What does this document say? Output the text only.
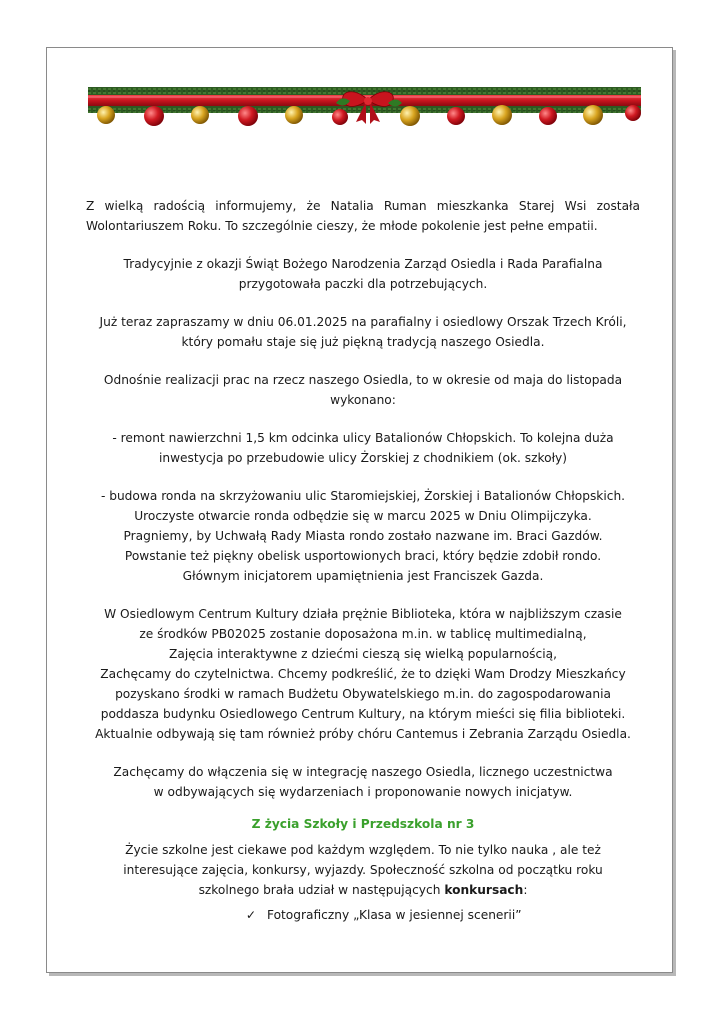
Z wielką radością informujemy, że Natalia Ruman mieszkanka Starej Wsi została
Wolontariuszem Roku. To szczególnie cieszy, że młode pokolenie jest pełne empatii.
Tradycyjnie z okazji Świąt Bożego Narodzenia Zarząd Osiedla i Rada Parafialna
przygotowała paczki dla potrzebujących.
Już teraz zapraszamy w dniu 06.01.2025 na parafialny i osiedlowy Orszak Trzech Króli,
który pomału staje się już piękną tradycją naszego Osiedla.
Odnośnie realizacji prac na rzecz naszego Osiedla, to w okresie od maja do listopada
wykonano:
- remont nawierzchni 1,5 km odcinka ulicy Batalionów Chłopskich. To kolejna duża
inwestycja po przebudowie ulicy Żorskiej z chodnikiem (ok. szkoły)
- budowa ronda na skrzyżowaniu ulic Staromiejskiej, Żorskiej i Batalionów Chłopskich.
Uroczyste otwarcie ronda odbędzie się w marcu 2025 w Dniu Olimpijczyka.
Pragniemy, by Uchwałą Rady Miasta rondo zostało nazwane im. Braci Gazdów.
Powstanie też piękny obelisk usportowionych braci, który będzie zdobił rondo.
Głównym inicjatorem upamiętnienia jest Franciszek Gazda.
W Osiedlowym Centrum Kultury działa prężnie Biblioteka, która w najbliższym czasie
ze środków PB02025 zostanie doposażona m.in. w tablicę multimedialną,
Zajęcia interaktywne z dziećmi cieszą się wielką popularnością,
Zachęcamy do czytelnictwa. Chcemy podkreślić, że to dzięki Wam Drodzy Mieszkańcy
pozyskano środki w ramach Budżetu Obywatelskiego m.in. do zagospodarowania
poddasza budynku Osiedlowego Centrum Kultury, na którym mieści się filia biblioteki.
Aktualnie odbywają się tam również próby chóru Cantemus i Zebrania Zarządu Osiedla.
Zachęcamy do włączenia się w integrację naszego Osiedla, licznego uczestnictwa
w odbywających się wydarzeniach i proponowanie nowych inicjatyw.
Z życia Szkoły i Przedszkola nr 3
Życie szkolne jest ciekawe pod każdym względem. To nie tylko nauka , ale też
interesujące zajęcia, konkursy, wyjazdy. Społeczność szkolna od początku roku
szkolnego brała udział w następujących konkursach:
✓ Fotograficzny „Klasa w jesiennej scenerii”
